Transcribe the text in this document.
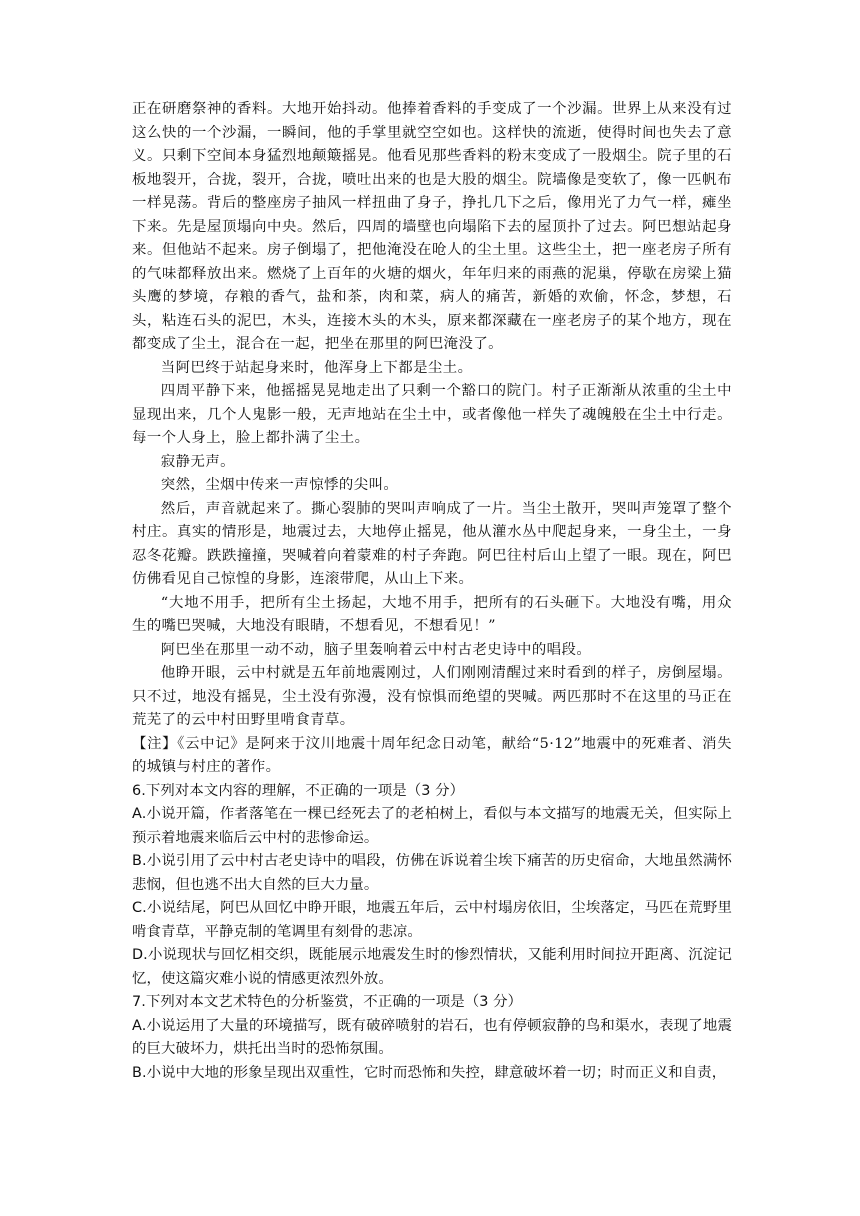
正在研磨祭神的香料。大地开始抖动。他捧着香料的手变成了一个沙漏。世界上从来没有过这么快的一个沙漏，一瞬间，他的手掌里就空空如也。这样快的流逝，使得时间也失去了意义。只剩下空间本身猛烈地颠簸摇晃。他看见那些香料的粉末变成了一股烟尘。院子里的石板地裂开，合拢，裂开，合拢，喷吐出来的也是大股的烟尘。院墙像是变软了，像一匹帆布一样晃荡。背后的整座房子抽风一样扭曲了身子，挣扎几下之后，像用光了力气一样，瘫坐下来。先是屋顶塌向中央。然后，四周的墙壁也向塌陷下去的屋顶扑了过去。阿巴想站起身来。但他站不起来。房子倒塌了，把他淹没在呛人的尘土里。这些尘土，把一座老房子所有的气味都释放出来。燃烧了上百年的火塘的烟火，年年归来的雨燕的泥巢，停歇在房梁上猫头鹰的梦境，存粮的香气，盐和茶，肉和菜，病人的痛苦，新婚的欢偷，怀念，梦想，石头，粘连石头的泥巴，木头，连接木头的木头，原来都深藏在一座老房子的某个地方，现在都变成了尘土，混合在一起，把坐在那里的阿巴淹没了。

当阿巴终于站起身来时，他浑身上下都是尘土。

四周平静下来，他摇摇晃晃地走出了只剩一个豁口的院门。村子正渐渐从浓重的尘土中显现出来，几个人鬼影一般，无声地站在尘土中，或者像他一样失了魂魄般在尘土中行走。每一个人身上，脸上都扑满了尘土。

寂静无声。

突然，尘烟中传来一声惊悸的尖叫。

然后，声音就起来了。撕心裂肺的哭叫声响成了一片。当尘土散开，哭叫声笼罩了整个村庄。真实的情形是，地震过去，大地停止摇晃，他从灌水丛中爬起身来，一身尘土，一身忍冬花瓣。跌跌撞撞，哭喊着向着蒙难的村子奔跑。阿巴往村后山上望了一眼。现在，阿巴仿佛看见自己惊惶的身影，连滚带爬，从山上下来。

“大地不用手，把所有尘土扬起，大地不用手，把所有的石头砸下。大地没有嘴，用众生的嘴巴哭喊，大地没有眼睛，不想看见，不想看见！”

阿巴坐在那里一动不动，脑子里轰响着云中村古老史诗中的唱段。

他睁开眼，云中村就是五年前地震刚过，人们刚刚清醒过来时看到的样子，房倒屋塌。只不过，地没有摇晃，尘土没有弥漫，没有惊惧而绝望的哭喊。两匹那时不在这里的马正在荒芜了的云中村田野里啃食青草。

【注】《云中记》是阿来于汶川地震十周年纪念日动笔，献给“5·12”地震中的死难者、消失的城镇与村庄的著作。

6.下列对本文内容的理解，不正确的一项是（3 分）

A.小说开篇，作者落笔在一棵已经死去了的老柏树上，看似与本文描写的地震无关，但实际上预示着地震来临后云中村的悲惨命运。

B.小说引用了云中村古老史诗中的唱段，仿佛在诉说着尘埃下痛苦的历史宿命，大地虽然满怀悲悯，但也逃不出大自然的巨大力量。

C.小说结尾，阿巴从回忆中睁开眼，地震五年后，云中村塌房依旧，尘埃落定，马匹在荒野里啃食青草，平静克制的笔调里有刻骨的悲凉。

D.小说现状与回忆相交织，既能展示地震发生时的惨烈情状，又能利用时间拉开距离、沉淀记忆，使这篇灾难小说的情感更浓烈外放。

7.下列对本文艺术特色的分析鉴赏，不正确的一项是（3 分）

A.小说运用了大量的环境描写，既有破碎喷射的岩石，也有停顿寂静的鸟和渠水，表现了地震的巨大破坏力，烘托出当时的恐怖氛围。

B.小说中大地的形象呈现出双重性，它时而恐怖和失控，肆意破坏着一切；时而正义和自责，
